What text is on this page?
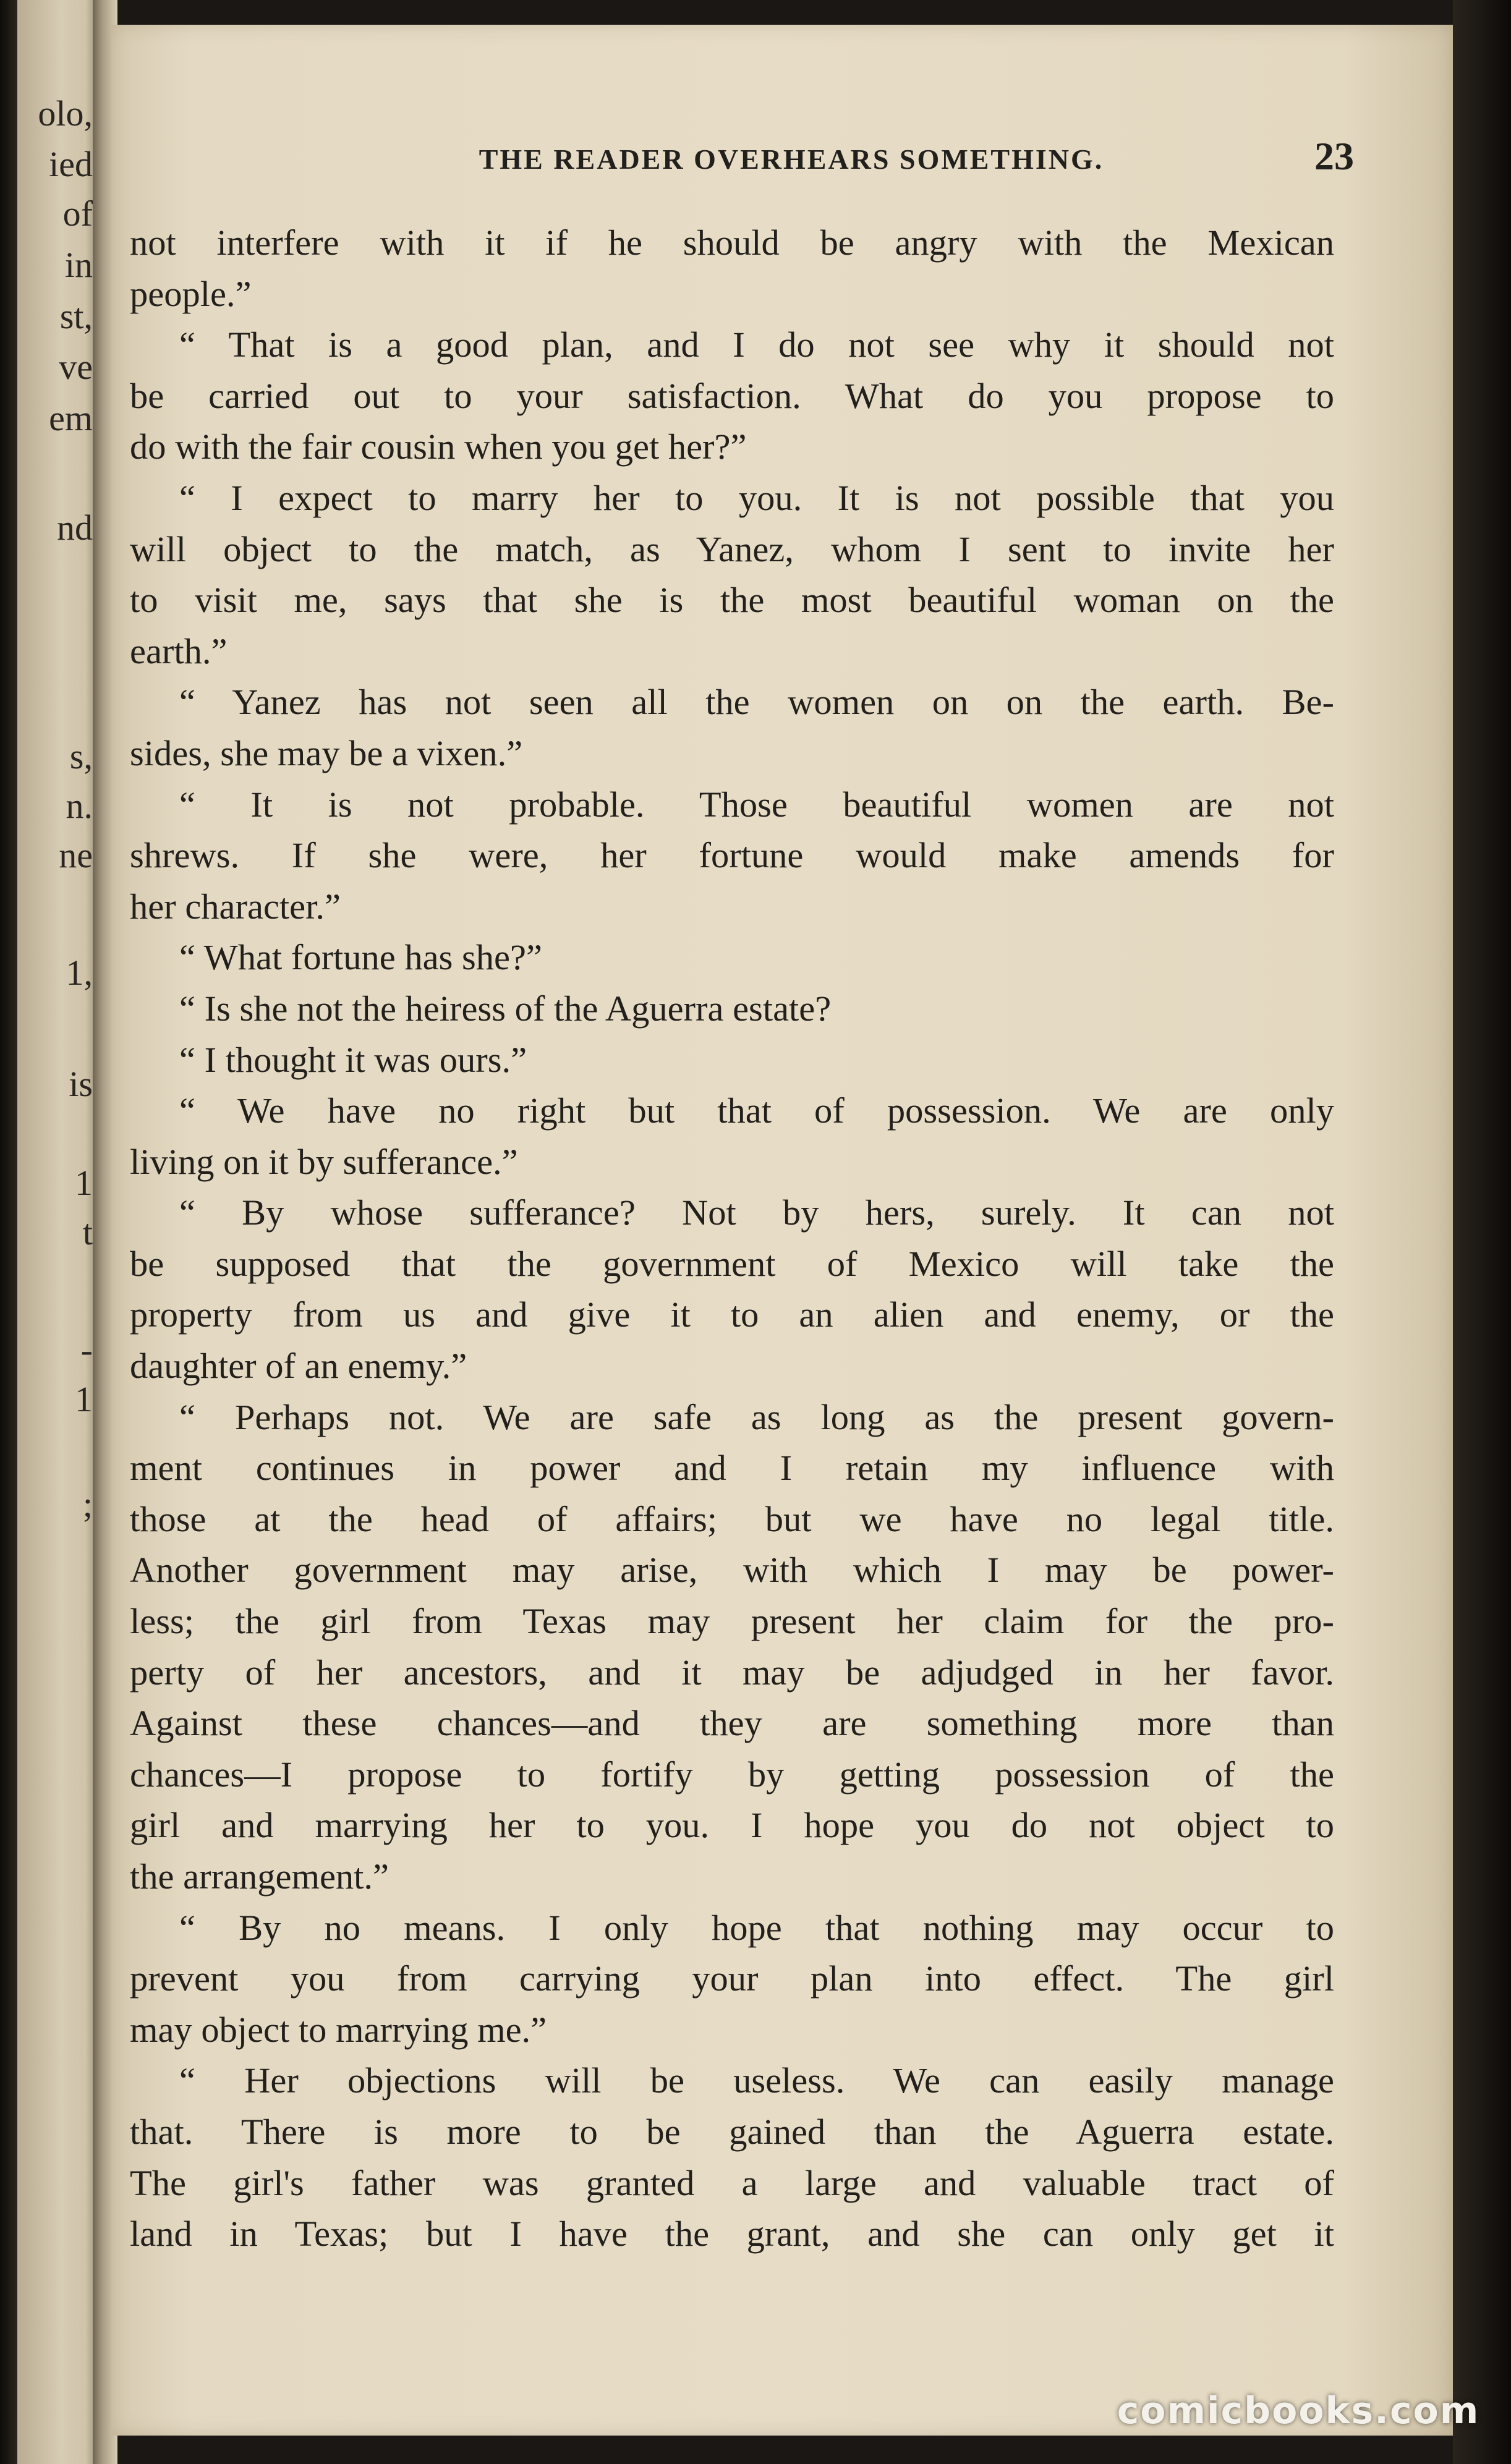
olo,
ied
of
in
st,
ve
em
nd
s,
n.
ne
1,
is
1
t
-
1
;
THE READER OVERHEARS SOMETHING.	23
not interfere with it if he should be angry with the Mexican
people.”
“ That is a good plan, and I do not see why it should not
be carried out to your satisfaction. What do you propose to
do with the fair cousin when you get her?”
“ I expect to marry her to you. It is not possible that you
will object to the match, as Yanez, whom I sent to invite her
to visit me, says that she is the most beautiful woman on the
earth.”
“ Yanez has not seen all the women on on the earth. Be-
sides, she may be a vixen.”
“ It is not probable. Those beautiful women are not
shrews. If she were, her fortune would make amends for
her character.”
“ What fortune has she?”
“ Is she not the heiress of the Aguerra estate?
“ I thought it was ours.”
“ We have no right but that of possession. We are only
living on it by sufferance.”
“ By whose sufferance? Not by hers, surely. It can not
be supposed that the government of Mexico will take the
property from us and give it to an alien and enemy, or the
daughter of an enemy.”
“ Perhaps not. We are safe as long as the present govern-
ment continues in power and I retain my influence with
those at the head of affairs; but we have no legal title.
Another government may arise, with which I may be power-
less; the girl from Texas may present her claim for the pro-
perty of her ancestors, and it may be adjudged in her favor.
Against these chances—and they are something more than
chances—I propose to fortify by getting possession of the
girl and marrying her to you. I hope you do not object to
the arrangement.”
“ By no means. I only hope that nothing may occur to
prevent you from carrying your plan into effect. The girl
may object to marrying me.”
“ Her objections will be useless. We can easily manage
that. There is more to be gained than the Aguerra estate.
The girl's father was granted a large and valuable tract of
land in Texas; but I have the grant, and she can only get it
comicbooks.com
